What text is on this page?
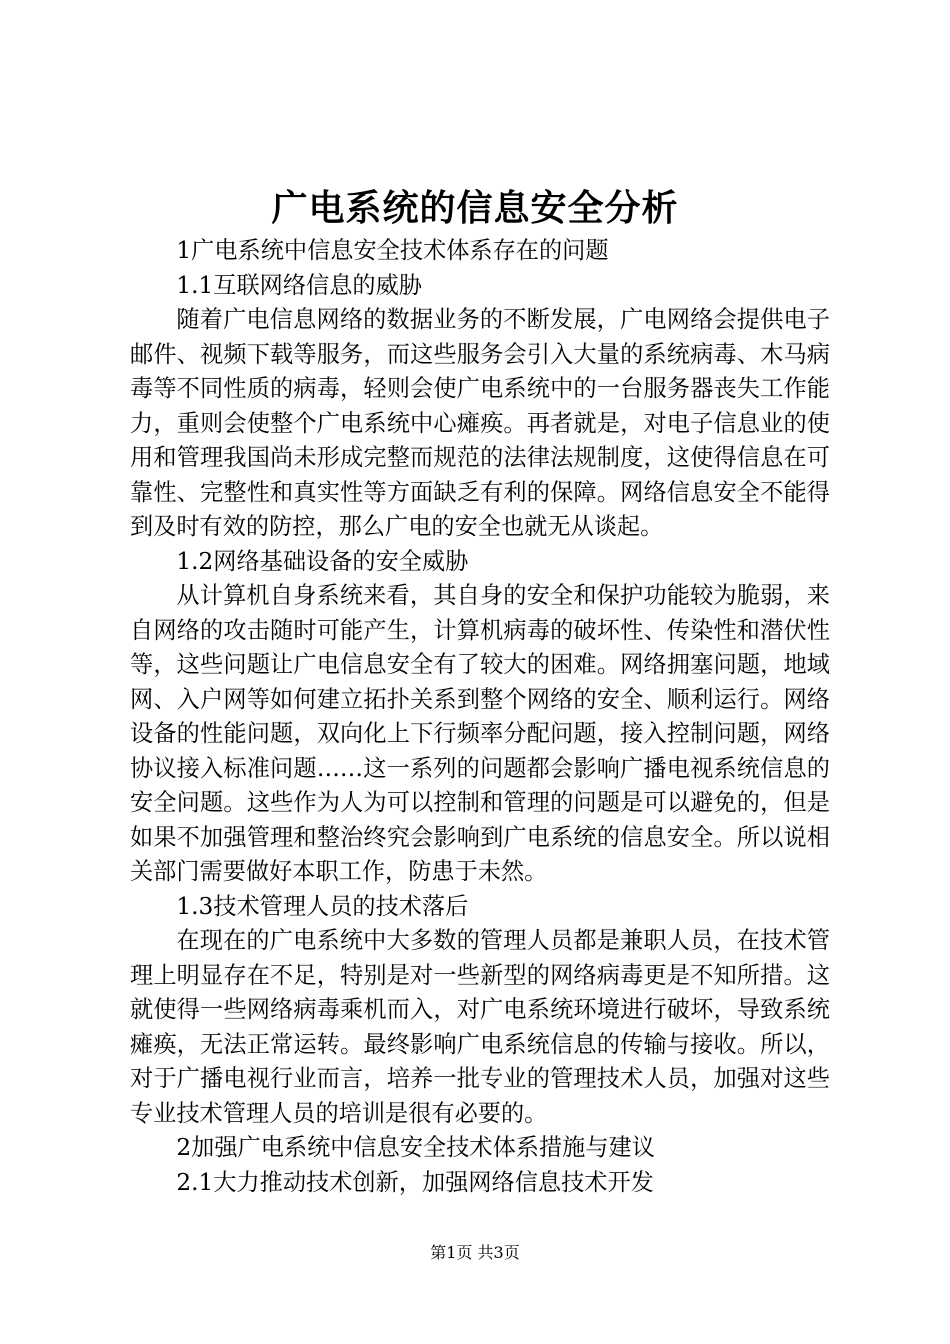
广电系统的信息安全分析

1广电系统中信息安全技术体系存在的问题

1.1互联网络信息的威胁

随着广电信息网络的数据业务的不断发展，广电网络会提供电子邮件、视频下载等服务，而这些服务会引入大量的系统病毒、木马病毒等不同性质的病毒，轻则会使广电系统中的一台服务器丧失工作能力，重则会使整个广电系统中心瘫痪。再者就是，对电子信息业的使用和管理我国尚未形成完整而规范的法律法规制度，这使得信息在可靠性、完整性和真实性等方面缺乏有利的保障。网络信息安全不能得到及时有效的防控，那么广电的安全也就无从谈起。

1.2网络基础设备的安全威胁

从计算机自身系统来看，其自身的安全和保护功能较为脆弱，来自网络的攻击随时可能产生，计算机病毒的破坏性、传染性和潜伏性等，这些问题让广电信息安全有了较大的困难。网络拥塞问题，地域网、入户网等如何建立拓扑关系到整个网络的安全、顺利运行。网络设备的性能问题，双向化上下行频率分配问题，接入控制问题，网络协议接入标准问题……这一系列的问题都会影响广播电视系统信息的安全问题。这些作为人为可以控制和管理的问题是可以避免的，但是如果不加强管理和整治终究会影响到广电系统的信息安全。所以说相关部门需要做好本职工作，防患于未然。

1.3技术管理人员的技术落后

在现在的广电系统中大多数的管理人员都是兼职人员，在技术管理上明显存在不足，特别是对一些新型的网络病毒更是不知所措。这就使得一些网络病毒乘机而入，对广电系统环境进行破坏，导致系统瘫痪，无法正常运转。最终影响广电系统信息的传输与接收。所以，对于广播电视行业而言，培养一批专业的管理技术人员，加强对这些专业技术管理人员的培训是很有必要的。

2加强广电系统中信息安全技术体系措施与建议

2.1大力推动技术创新，加强网络信息技术开发

第1页 共3页
